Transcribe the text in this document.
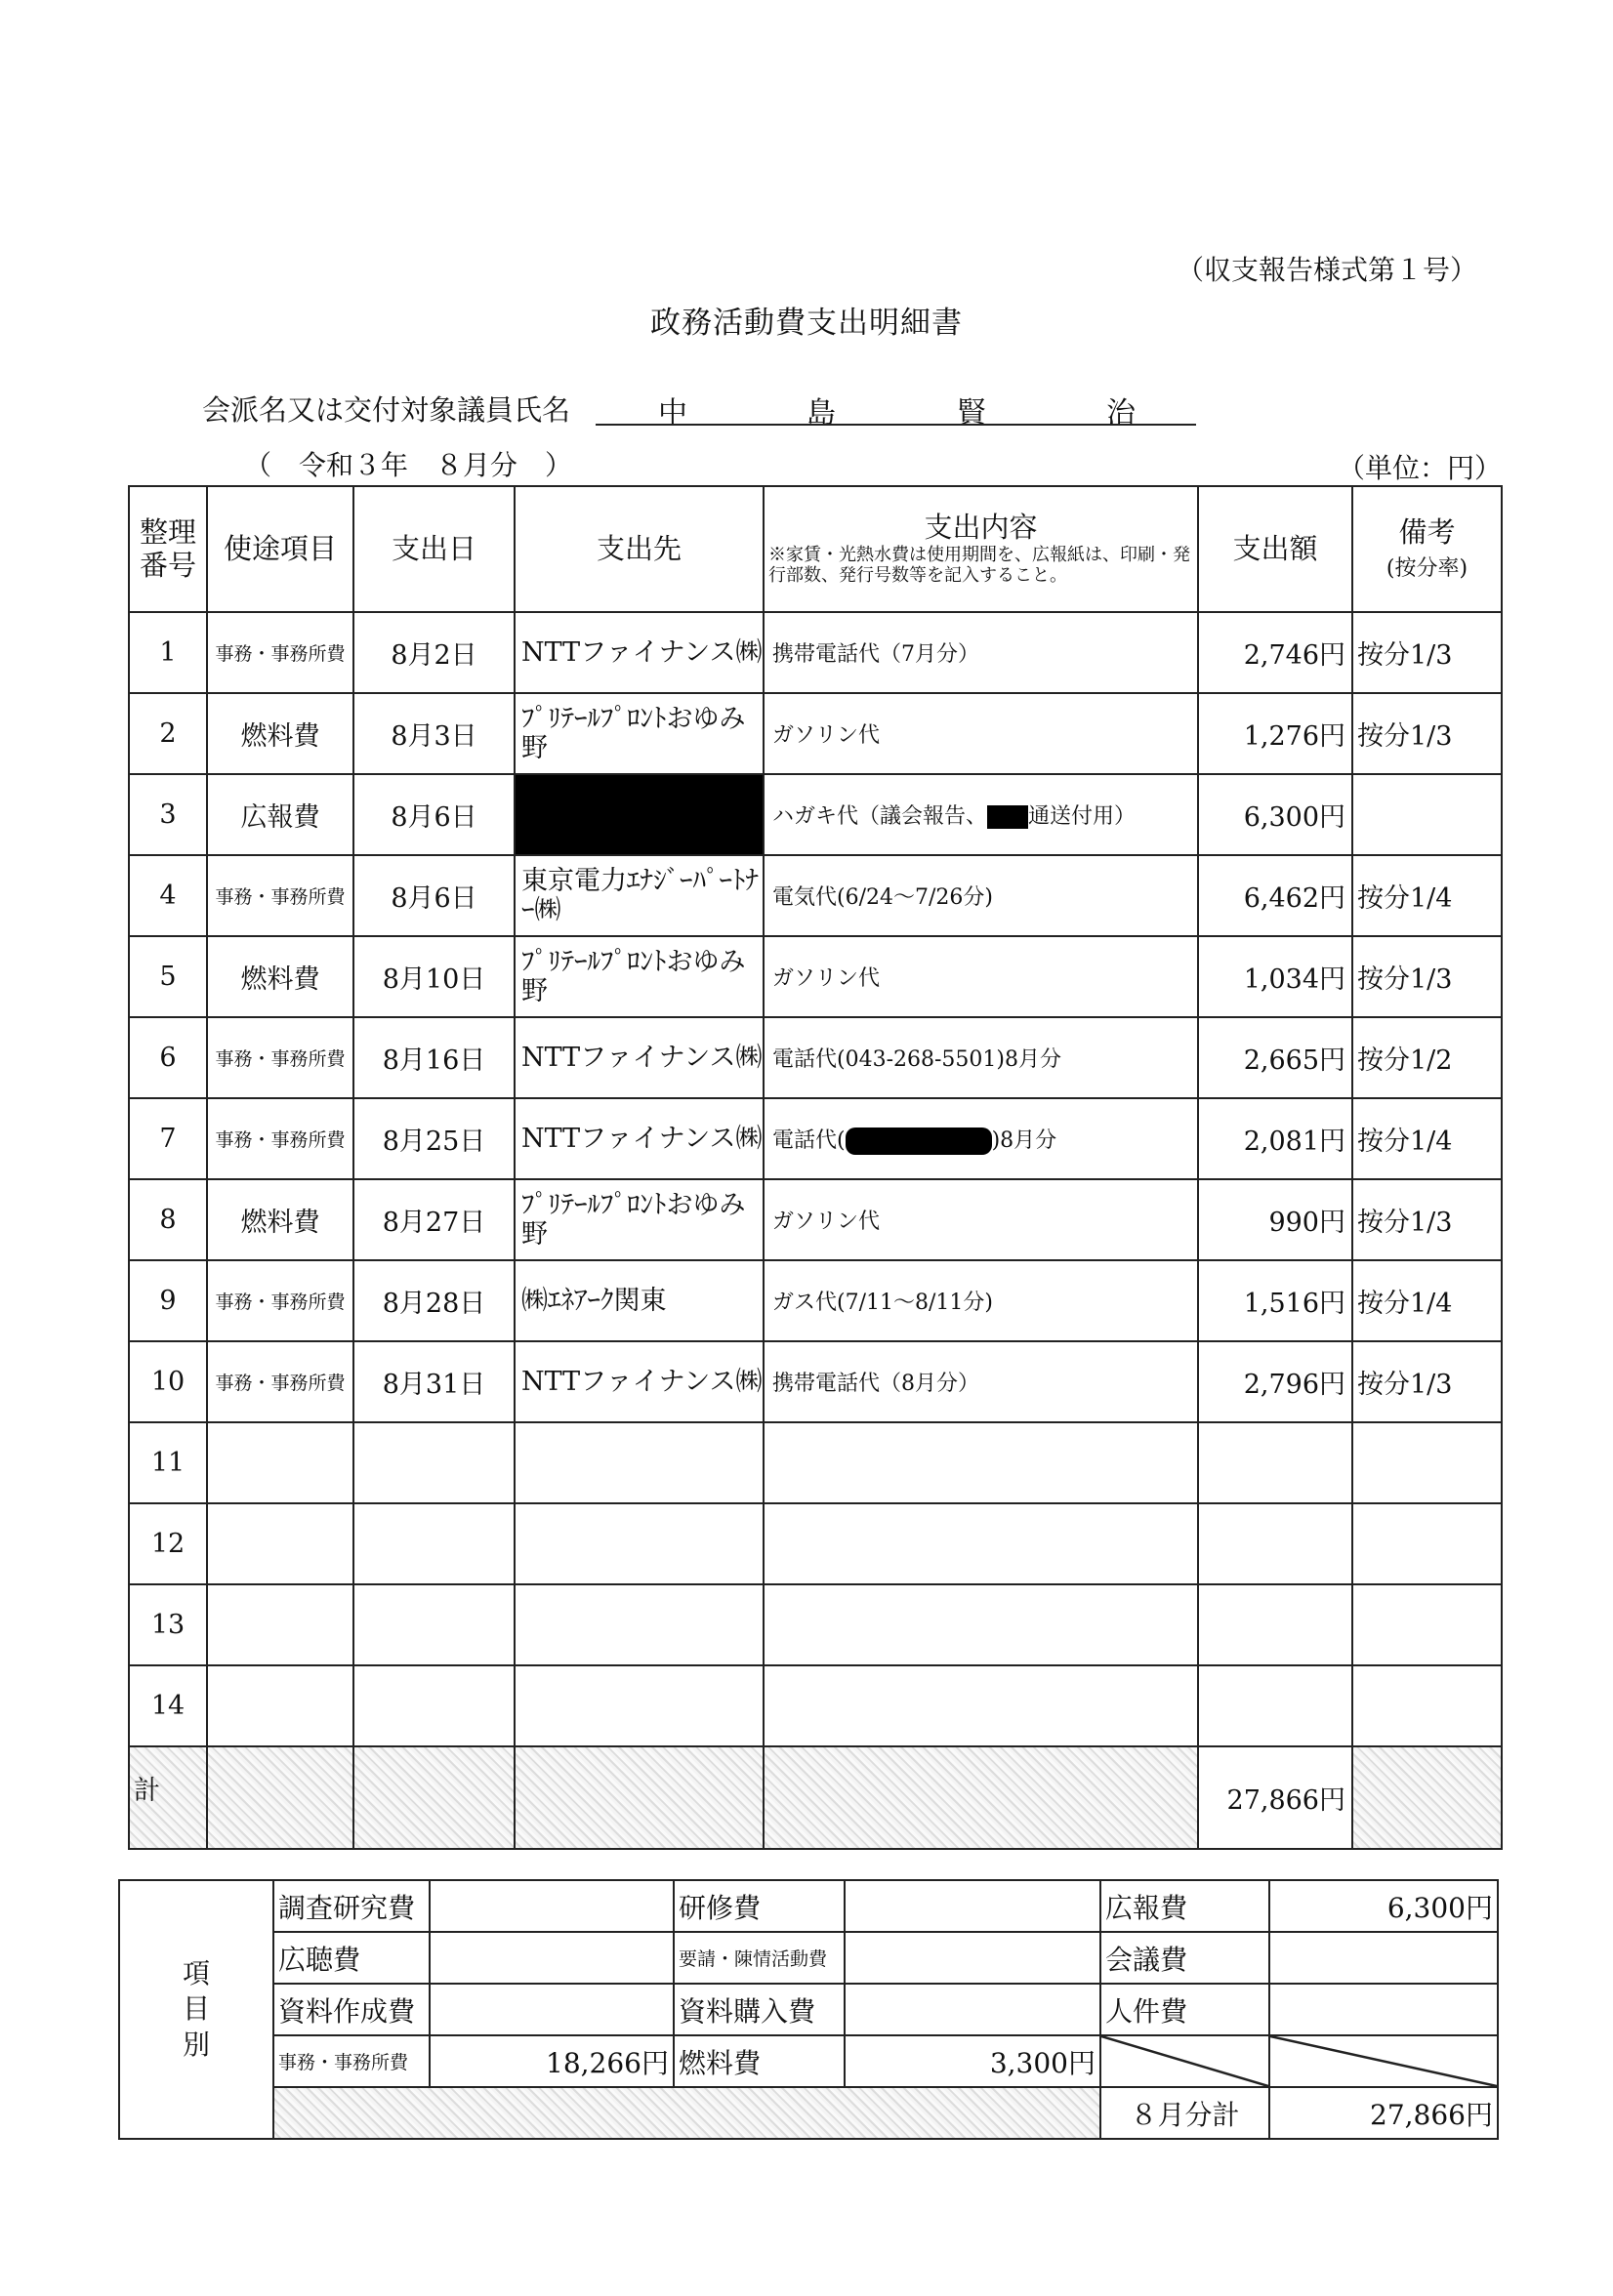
（収支報告様式第１号）
政務活動費支出明細書
会派名又は交付対象議員氏名	中	島	賢	治
（　令和３年　８月分　）	（単位：円）
整理
番号	使途項目	支出日	支出先	支出内容
※家賃・光熱水費は使用期間を、広報紙は、印刷・発行部数、発行号数等を記入すること。	支出額	備考
(按分率)
1	事務・事務所費	8月2日	NTTファイナンス㈱	携帯電話代（7月分）	2,746円	按分1/3
2	燃料費	8月3日	ﾌﾟﾘﾃｰﾙﾌﾟﾛﾝﾄおゆみ野	ガソリン代	1,276円	按分1/3
3	広報費	8月6日		ハガキ代（議会報告、 通送付用）	6,300円	
4	事務・事務所費	8月6日	東京電力ｴﾅｼﾞｰﾊﾟｰﾄﾅｰ㈱	電気代(6/24～7/26分)	6,462円	按分1/4
5	燃料費	8月10日	ﾌﾟﾘﾃｰﾙﾌﾟﾛﾝﾄおゆみ野	ガソリン代	1,034円	按分1/3
6	事務・事務所費	8月16日	NTTファイナンス㈱	電話代(043-268-5501)8月分	2,665円	按分1/2
7	事務・事務所費	8月25日	NTTファイナンス㈱	電話代( )8月分	2,081円	按分1/4
8	燃料費	8月27日	ﾌﾟﾘﾃｰﾙﾌﾟﾛﾝﾄおゆみ野	ガソリン代	990円	按分1/3
9	事務・事務所費	8月28日	㈱ｴﾈｱｰｸ関東	ガス代(7/11～8/11分)	1,516円	按分1/4
10	事務・事務所費	8月31日	NTTファイナンス㈱	携帯電話代（8月分）	2,796円	按分1/3
11						
12						
13						
14						
計					27,866円	
項
目
別	調査研究費		研修費		広報費	6,300円
	広聴費		要請・陳情活動費		会議費	
	資料作成費		資料購入費		人件費	
	事務・事務所費	18,266円	燃料費	3,300円		
					８月分計	27,866円
